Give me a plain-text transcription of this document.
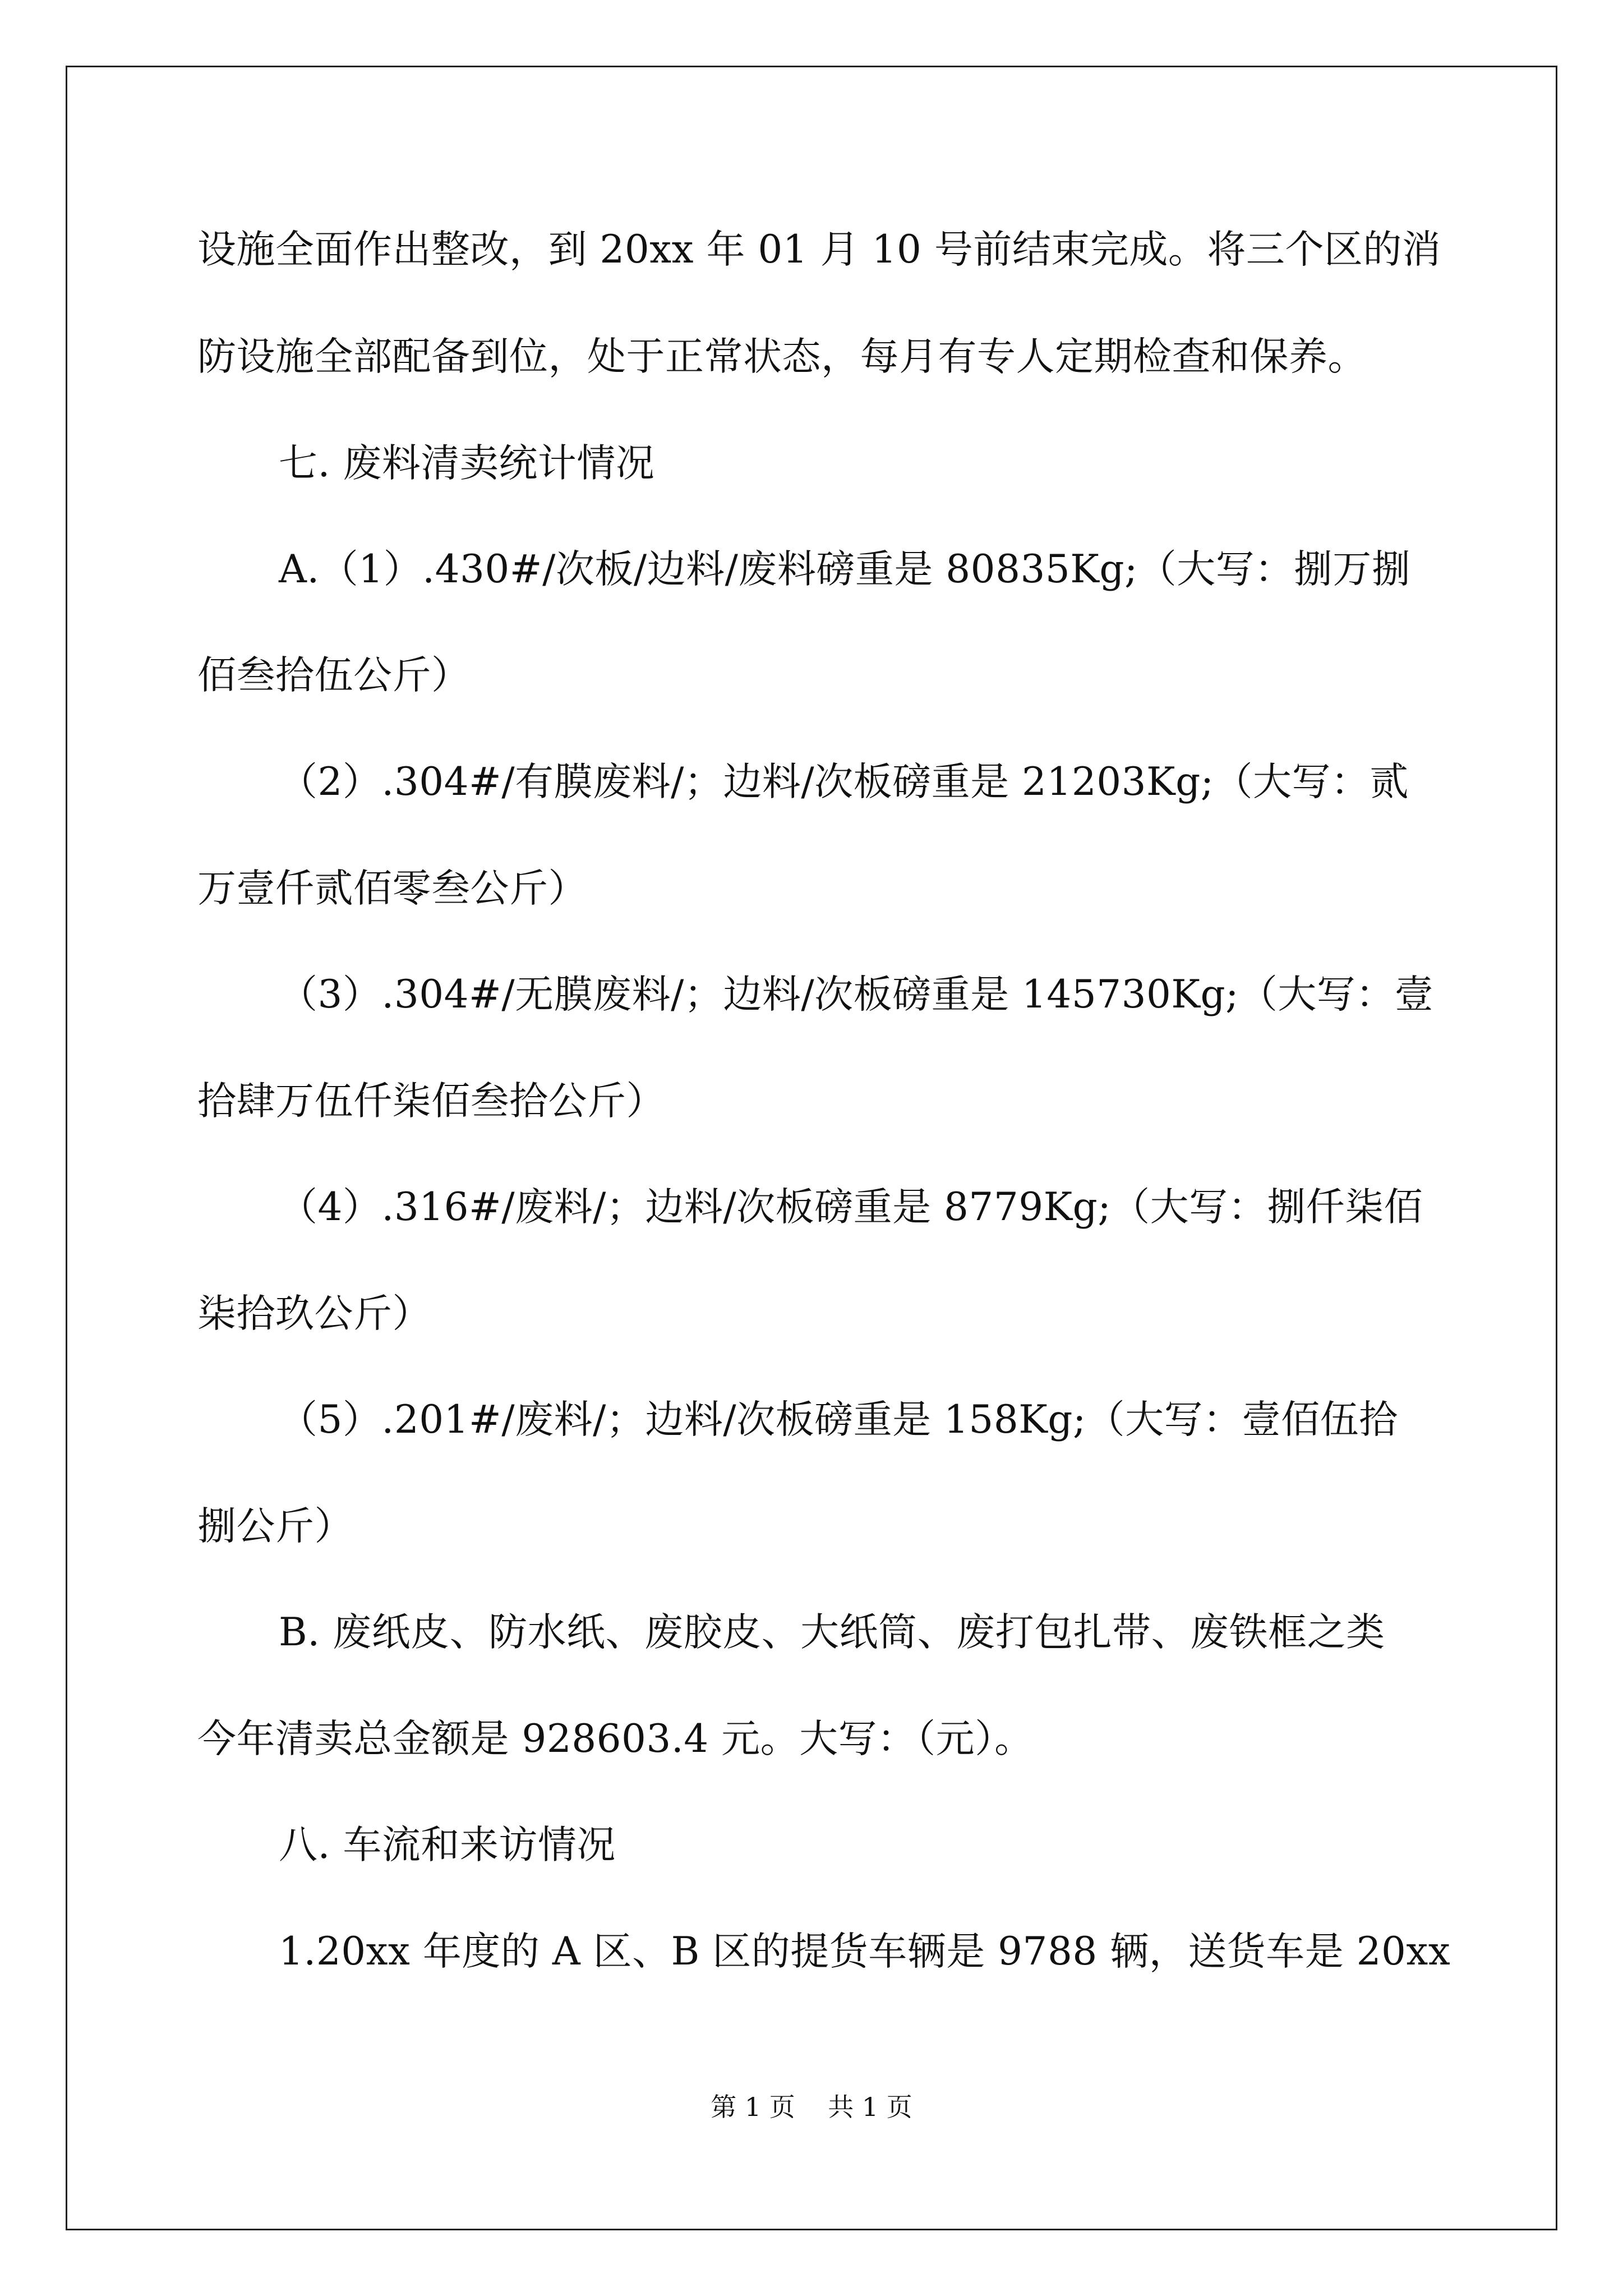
设施全面作出整改，到 20xx 年 01 月 10 号前结束完成。将三个区的消
防设施全部配备到位，处于正常状态，每月有专人定期检查和保养。
七. 废料清卖统计情况
A.（1）.430#/次板/边料/废料磅重是 80835Kg;（大写：捌万捌
佰叁拾伍公斤）
（2）.304#/有膜废料/；边料/次板磅重是 21203Kg;（大写：贰
万壹仟贰佰零叁公斤）
（3）.304#/无膜废料/；边料/次板磅重是 145730Kg;（大写：壹
拾肆万伍仟柒佰叁拾公斤）
（4）.316#/废料/；边料/次板磅重是 8779Kg;（大写：捌仟柒佰
柒拾玖公斤）
（5）.201#/废料/；边料/次板磅重是 158Kg;（大写：壹佰伍拾
捌公斤）
B. 废纸皮、防水纸、废胶皮、大纸筒、废打包扎带、废铁框之类
今年清卖总金额是 928603.4 元。大写：（元）。
八. 车流和来访情况
1.20xx 年度的 A 区、B 区的提货车辆是 9788 辆，送货车是 20xx
第 1 页    共 1 页
